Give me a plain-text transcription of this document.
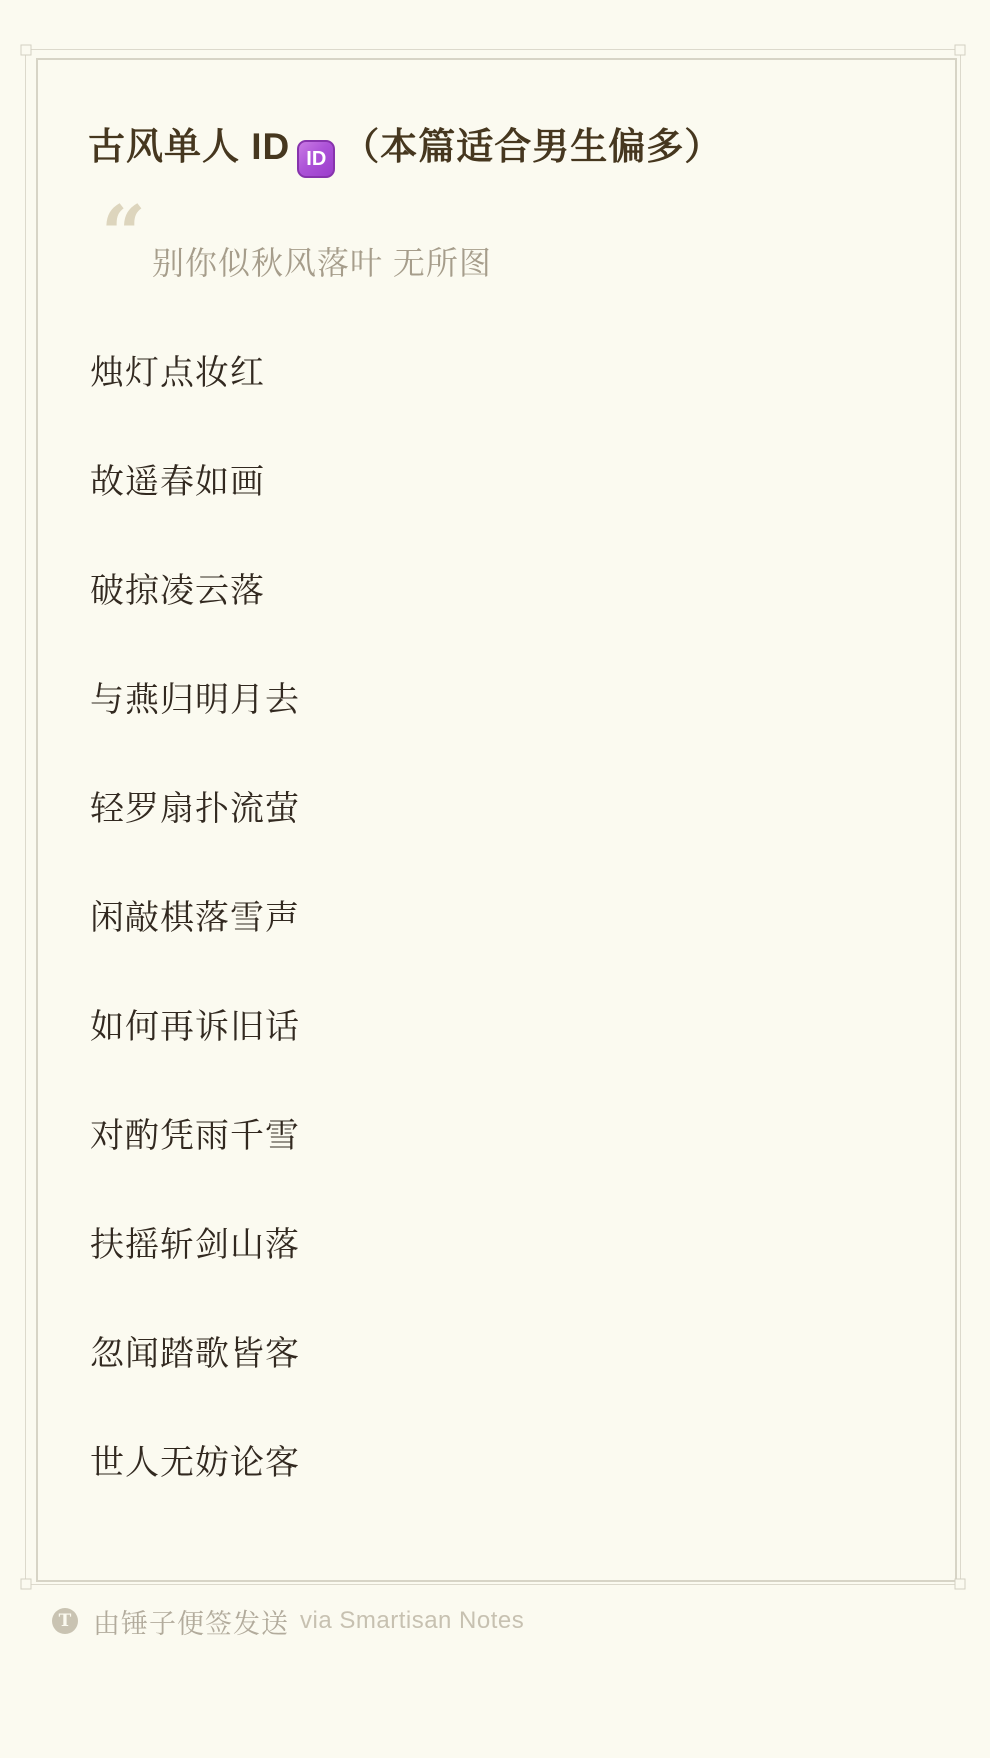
古风单人 ID ID （本篇适合男生偏多）
“ 别你似秋风落叶 无所图
烛灯点妆红
故遥春如画
破掠凌云落
与燕归明月去
轻罗扇扑流萤
闲敲棋落雪声
如何再诉旧话
对酌凭雨千雪
扶摇斩剑山落
忽闻踏歌皆客
世人无妨论客
T 由锤子便签发送 via Smartisan Notes
